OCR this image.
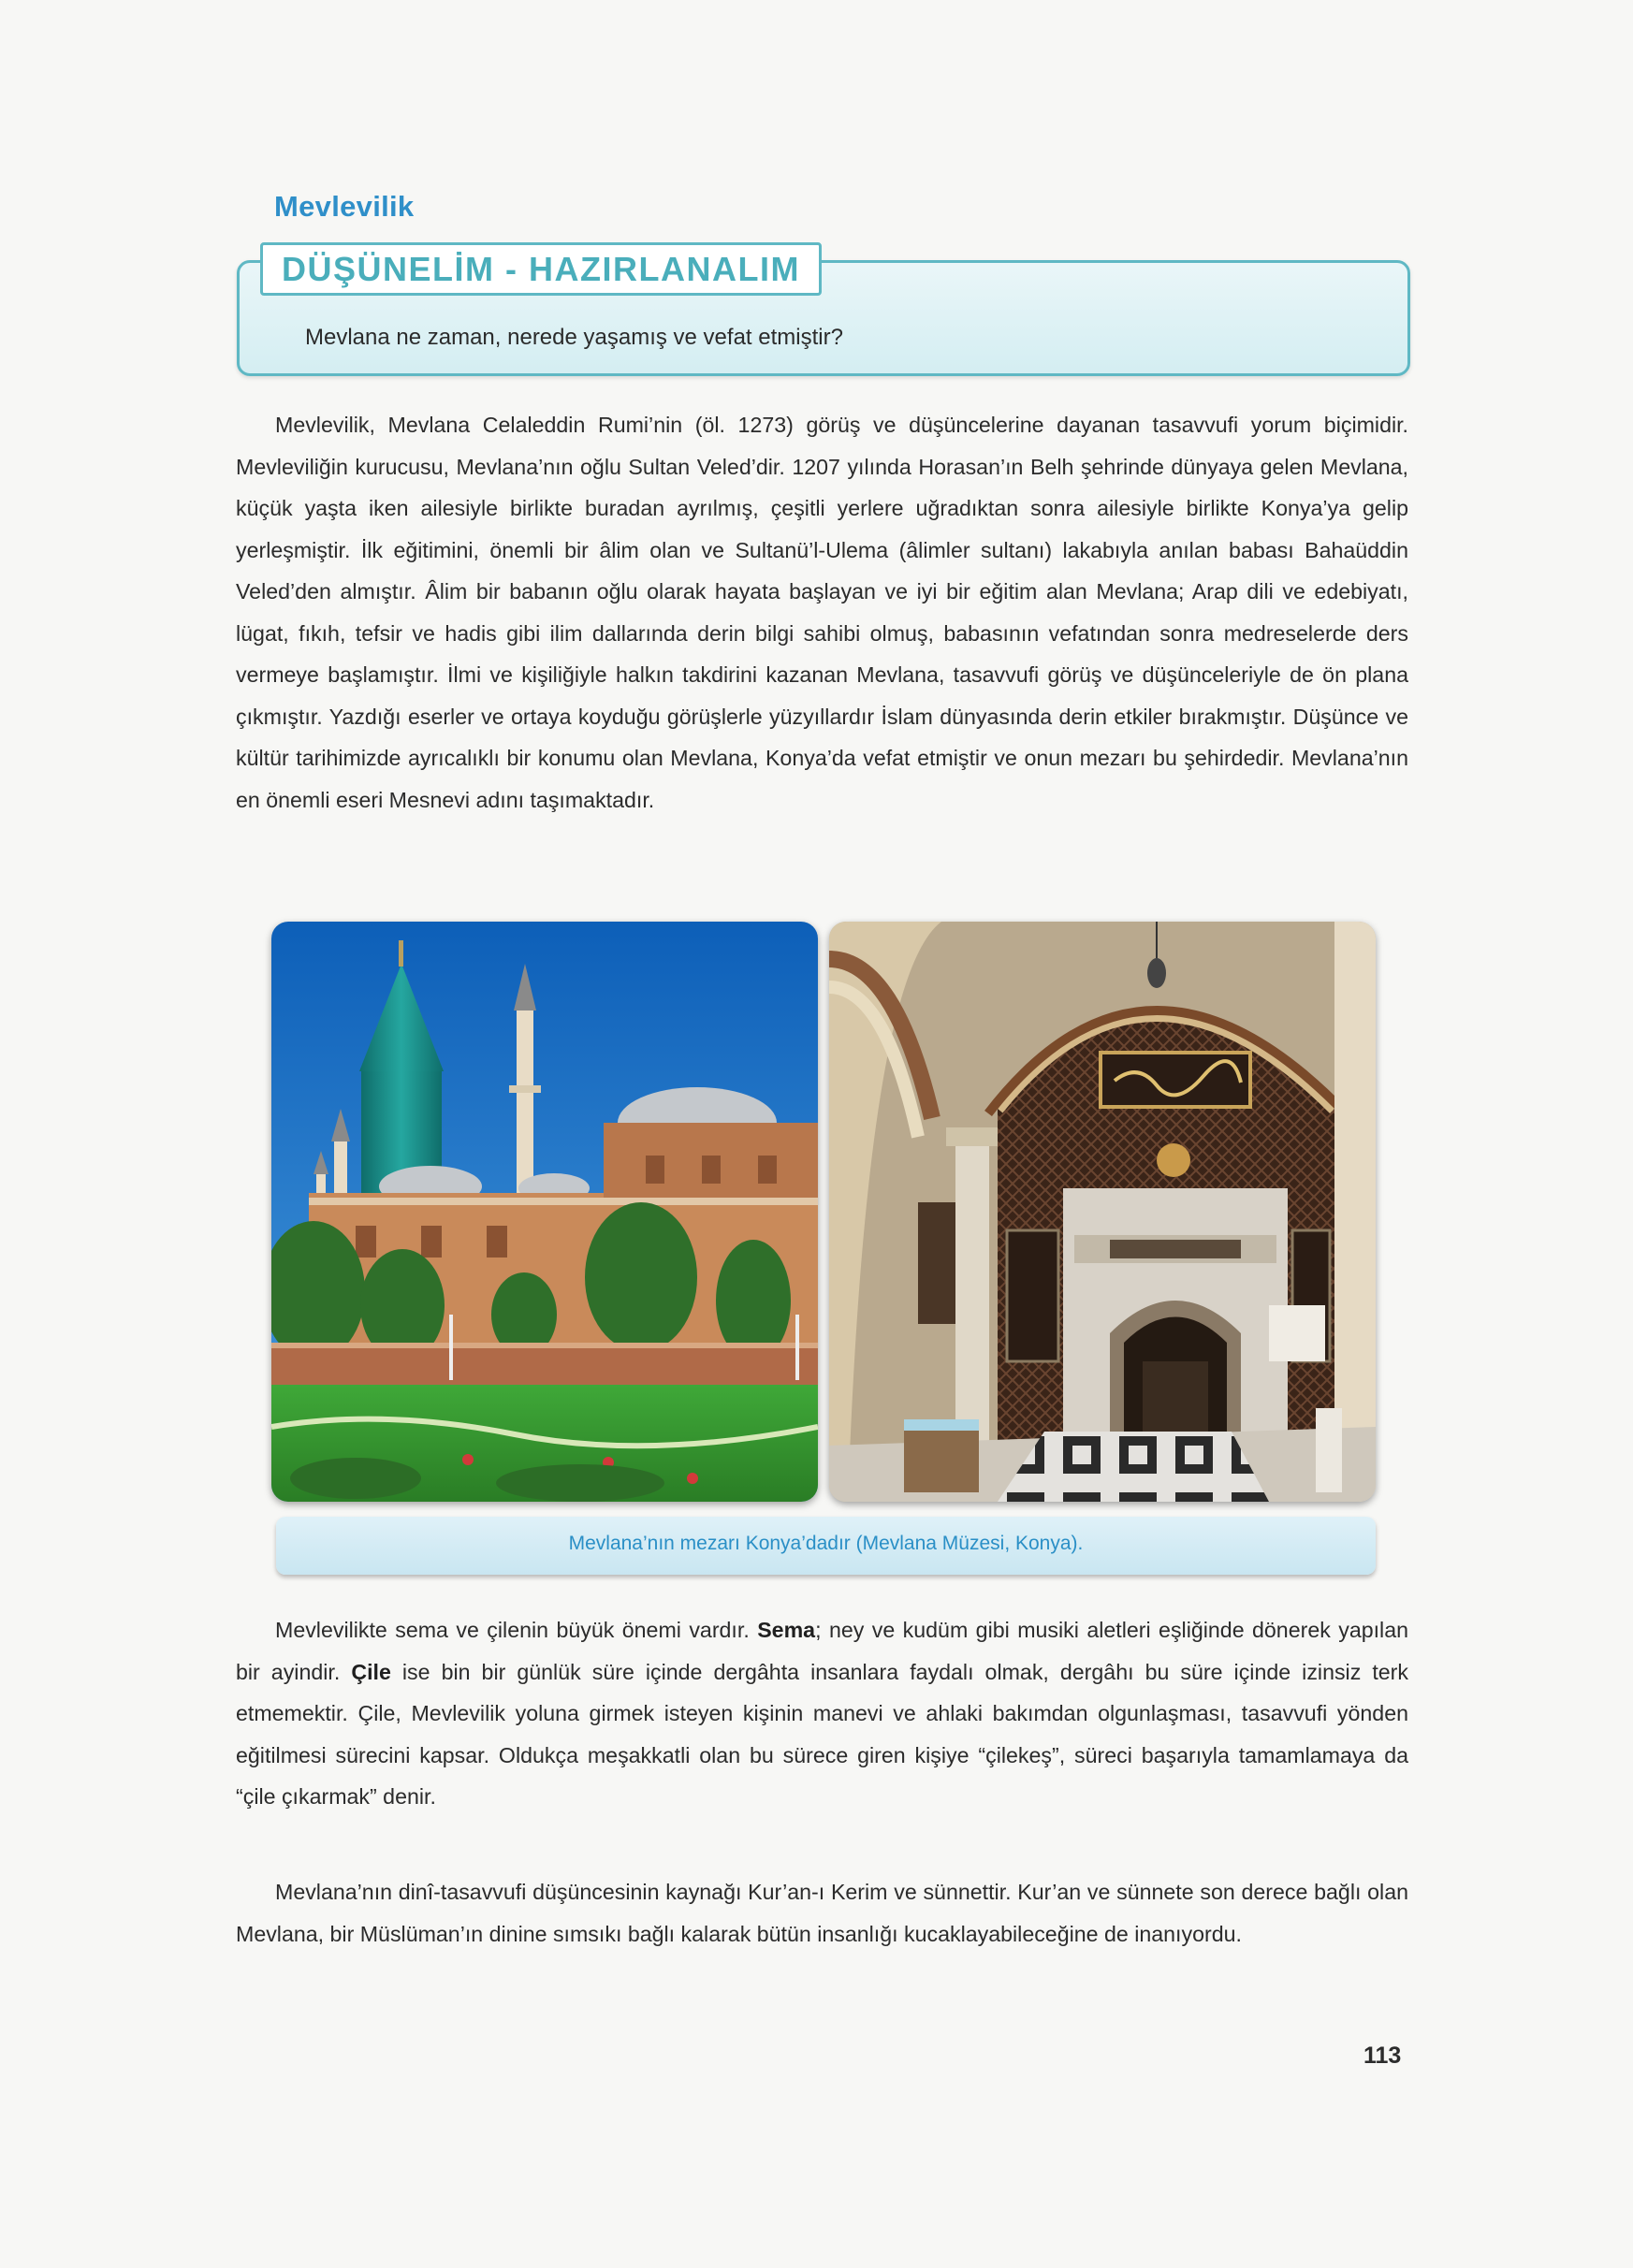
Mevlevilik
DÜŞÜNELİM - HAZIRLANALIM
Mevlana ne zaman, nerede yaşamış ve vefat etmiştir?

Mevlevilik, Mevlana Celaleddin Rumi’nin (öl. 1273) görüş ve düşüncelerine dayanan tasavvufi yorum biçimidir. Mevleviliğin kurucusu, Mevlana’nın oğlu Sultan Veled’dir. 1207 yılında Horasan’ın Belh şehrinde dünyaya gelen Mevlana, küçük yaşta iken ailesiyle birlikte buradan ayrılmış, çeşitli yerlere uğradıktan sonra ailesiyle birlikte Konya’ya gelip yerleşmiştir. İlk eğitimini, önemli bir âlim olan ve Sultanü’l-Ulema (âlimler sultanı) lakabıyla anılan babası Bahaüddin Veled’den almıştır. Âlim bir babanın oğlu olarak hayata başlayan ve iyi bir eğitim alan Mevlana; Arap dili ve edebiyatı, lügat, fıkıh, tefsir ve hadis gibi ilim dallarında derin bilgi sahibi olmuş, babasının vefatından sonra medreselerde ders vermeye başlamıştır. İlmi ve kişiliğiyle halkın takdirini kazanan Mevlana, tasavvufi görüş ve düşünceleriyle de ön plana çıkmıştır. Yazdığı eserler ve ortaya koyduğu görüşlerle yüzyıllardır İslam dünyasında derin etkiler bırakmıştır. Düşünce ve kültür tarihimizde ayrıcalıklı bir konumu olan Mevlana, Konya’da vefat etmiştir ve onun mezarı bu şehirdedir. Mevlana’nın en önemli eseri Mesnevi adını taşımaktadır.

Mevlana’nın mezarı Konya’dadır (Mevlana Müzesi, Konya).

Mevlevilikte sema ve çilenin büyük önemi vardır. Sema; ney ve kudüm gibi musiki aletleri eşliğinde dönerek yapılan bir ayindir. Çile ise bin bir günlük süre içinde dergâhta insanlara faydalı olmak, dergâhı bu süre içinde izinsiz terk etmemektir. Çile, Mevlevilik yoluna girmek isteyen kişinin manevi ve ahlaki bakımdan olgunlaşması, tasavvufi yönden eğitilmesi sürecini kapsar. Oldukça meşakkatli olan bu sürece giren kişiye “çilekeş”, süreci başarıyla tamamlamaya da “çile çıkarmak” denir.

Mevlana’nın dinî-tasavvufi düşüncesinin kaynağı Kur’an-ı Kerim ve sünnettir. Kur’an ve sünnete son derece bağlı olan Mevlana, bir Müslüman’ın dinine sımsıkı bağlı kalarak bütün insanlığı kucaklayabileceğine de inanıyordu.

113
